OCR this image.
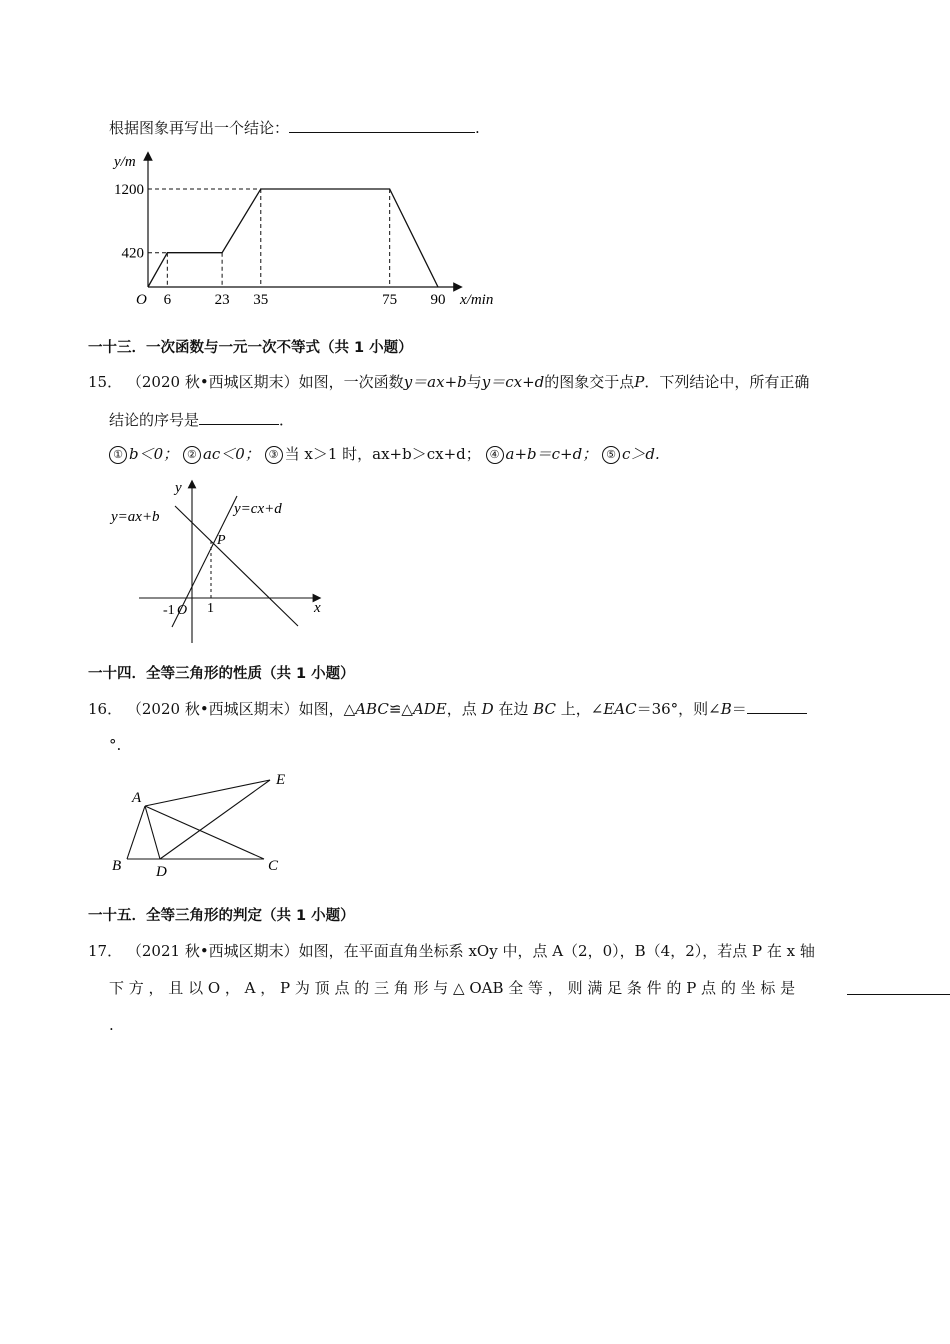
根据图象再写出一个结论：	.
y/m
x/min
O 6	23 35	75 90
420
1200
一十三．一次函数与一元一次不等式（共 1 小题）
15． （2020 秋•西城区期末）如图，一次函数y＝ax+b与y＝cx+d的图象交于点P．下列结论中，所有正确
结论的序号是	．
① b＜0； ② ac＜0； ③ 当 x＞1 时，ax+b＞cx+d； ④ a+b＝c+d； ⑤ c＞d.
y=ax+b	y=cx+d
P
y
x
-1 O 1
一十四．全等三角形的性质（共 1 小题）
16． （2020 秋•西城区期末）如图，△ABC≌△ADE，点 D 在边 BC 上，∠EAC＝36°，则∠B＝
°.
A
E
B D	C
一十五．全等三角形的判定（共 1 小题）
17． （2021 秋•西城区期末）如图，在平面直角坐标系 xOy 中，点 A（2，0），B（4，2），若点 P 在 x 轴
下 方 ， 且 以 O ， A ， P 为 顶 点 的 三 角 形 与 △ OAB 全 等 ， 则 满 足 条 件 的 P 点 的 坐 标 是
.
